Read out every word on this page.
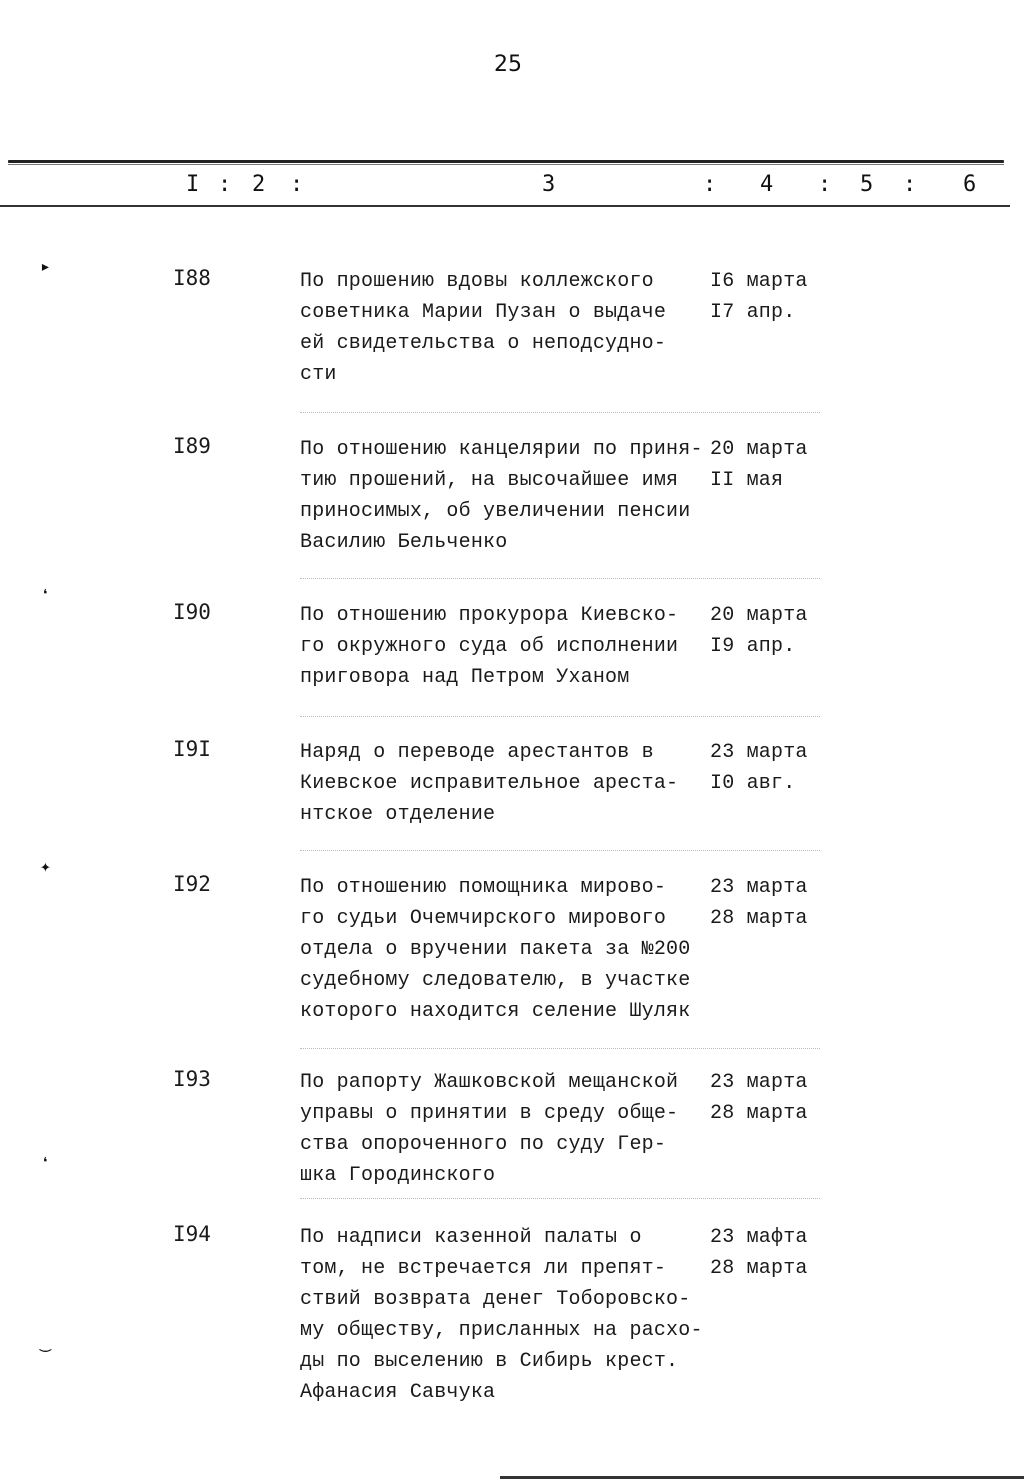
25
I : 2 :	3	: 4 : 5 : 6
I88	По прошению вдовы коллежского
советника Марии Пузан о выдаче
ей свидетельства о неподсудно-
сти
I6 марта
I7 апр.
I89	По отношению канцелярии по приня-
тию прошений, на высочайшее имя
приносимых, об увеличении пенсии
Василию Бельченко
20 марта
II мая
I90	По отношению прокурора Киевско-
го окружного суда об исполнении
приговора над Петром Уханом
20 марта
I9 апр.
I9I	Наряд о переводе арестантов в
Киевское исправительное ареста-
нтское отделение
23 марта
I0 авг.
I92	По отношению помощника мирово-
го судьи Очемчирского мирового
отдела о вручении пакета за №200
судебному следователю, в участке
которого находится селение Шуляк
23 марта
28 марта
I93	По рапорту Жашковской мещанской
управы о принятии в среду обще-
ства опороченного по суду Гер-
шка Городинского
23 марта
28 марта
I94	По надписи казенной палаты о
том, не встречается ли препят-
ствий возврата денег Тоборовско-
му обществу, присланных на расхо-
ды по выселению в Сибирь крест.
Афанасия Савчука
23 мафта
28 марта
▸
❛
✦
❛
‿
